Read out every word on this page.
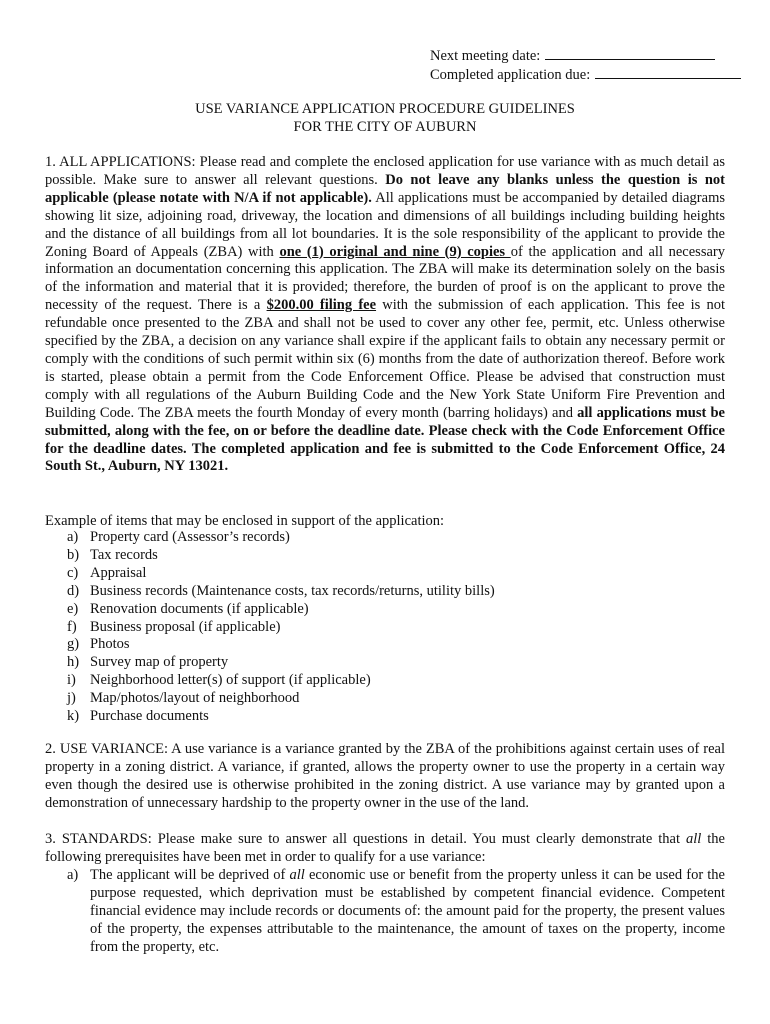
Next meeting date:
Completed application due:
USE VARIANCE APPLICATION PROCEDURE GUIDELINES
FOR THE CITY OF AUBURN
1. ALL APPLICATIONS: Please read and complete the enclosed application for use variance with as much detail as possible. Make sure to answer all relevant questions. Do not leave any blanks unless the question is not applicable (please notate with N/A if not applicable). All applications must be accompanied by detailed diagrams showing lit size, adjoining road, driveway, the location and dimensions of all buildings including building heights and the distance of all buildings from all lot boundaries. It is the sole responsibility of the applicant to provide the Zoning Board of Appeals (ZBA) with one (1) original and nine (9) copies of the application and all necessary information an documentation concerning this application. The ZBA will make its determination solely on the basis of the information and material that it is provided; therefore, the burden of proof is on the applicant to prove the necessity of the request. There is a $200.00 filing fee with the submission of each application. This fee is not refundable once presented to the ZBA and shall not be used to cover any other fee, permit, etc. Unless otherwise specified by the ZBA, a decision on any variance shall expire if the applicant fails to obtain any necessary permit or comply with the conditions of such permit within six (6) months from the date of authorization thereof. Before work is started, please obtain a permit from the Code Enforcement Office. Please be advised that construction must comply with all regulations of the Auburn Building Code and the New York State Uniform Fire Prevention and Building Code. The ZBA meets the fourth Monday of every month (barring holidays) and all applications must be submitted, along with the fee, on or before the deadline date. Please check with the Code Enforcement Office for the deadline dates. The completed application and fee is submitted to the Code Enforcement Office, 24 South St., Auburn, NY 13021.
Example of items that may be enclosed in support of the application:
a) Property card (Assessor’s records)
b) Tax records
c) Appraisal
d) Business records (Maintenance costs, tax records/returns, utility bills)
e) Renovation documents (if applicable)
f) Business proposal (if applicable)
g) Photos
h) Survey map of property
i) Neighborhood letter(s) of support (if applicable)
j) Map/photos/layout of neighborhood
k) Purchase documents
2. USE VARIANCE: A use variance is a variance granted by the ZBA of the prohibitions against certain uses of real property in a zoning district. A variance, if granted, allows the property owner to use the property in a certain way even though the desired use is otherwise prohibited in the zoning district. A use variance may by granted upon a demonstration of unnecessary hardship to the property owner in the use of the land.
3. STANDARDS: Please make sure to answer all questions in detail. You must clearly demonstrate that all the following prerequisites have been met in order to qualify for a use variance:
a) The applicant will be deprived of all economic use or benefit from the property unless it can be used for the purpose requested, which deprivation must be established by competent financial evidence. Competent financial evidence may include records or documents of: the amount paid for the property, the present values of the property, the expenses attributable to the maintenance, the amount of taxes on the property, income from the property, etc.
